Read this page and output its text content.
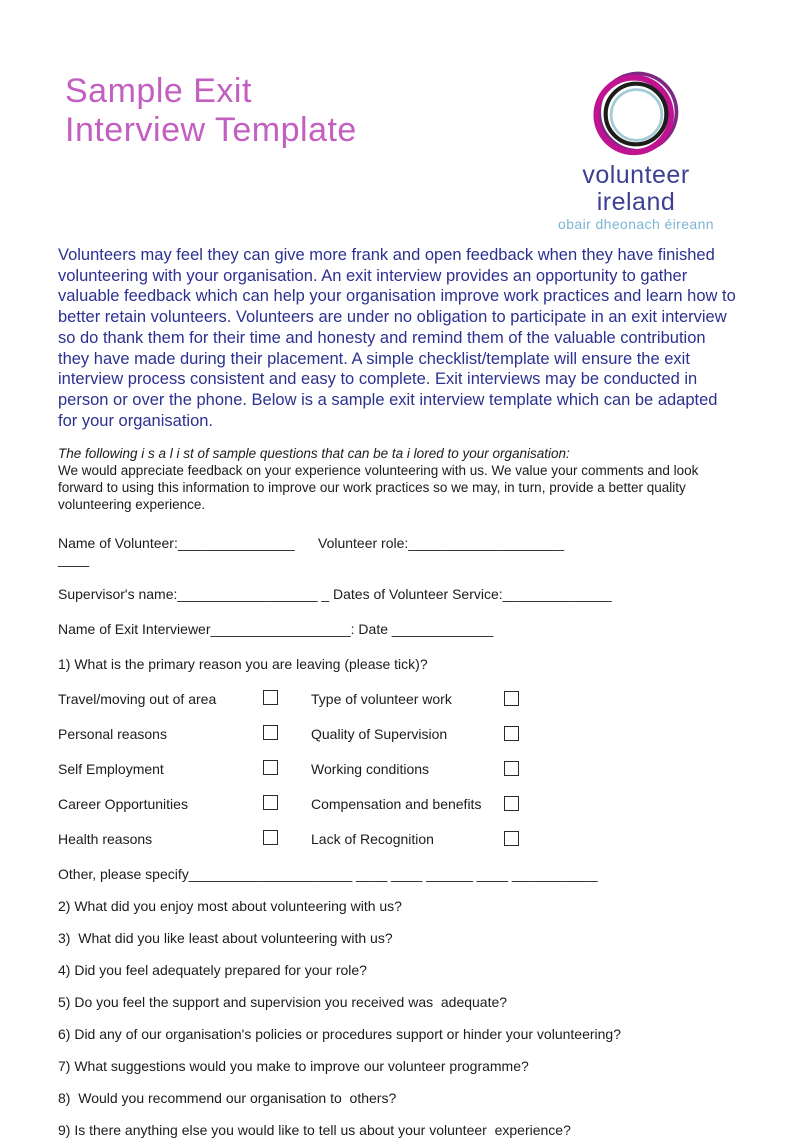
Sample Exit
Interview Template
volunteer ireland
obair dheonach éireann
Volunteers may feel they can give more frank and open feedback when they have finished volunteering with your organisation. An exit interview provides an opportunity to gather valuable feedback which can help your organisation improve work practices and learn how to better retain volunteers. Volunteers are under no obligation to participate in an exit interview so do thank them for their time and honesty and remind them of the valuable contribution they have made during their placement. A simple checklist/template will ensure the exit interview process consistent and easy to complete. Exit interviews may be conducted in person or over the phone. Below is a sample exit interview template which can be adapted for your organisation.
The following i s a l i st of sample questions that can be ta i lored to your organisation:
We would appreciate feedback on your experience volunteering with us. We value your comments and look forward to using this information to improve our work practices so we may, in turn, provide a better quality volunteering experience.
Name of Volunteer:_______________ ____
Volunteer role:____________________
Supervisor's name:__________________ _ Dates of Volunteer Service:______________
Name of Exit Interviewer__________________: Date _____________
1) What is the primary reason you are leaving (please tick)?
Travel/moving out of area	Type of volunteer work
Personal reasons	Quality of Supervision
Self Employment	Working conditions
Career Opportunities	Compensation and benefits
Health reasons	Lack of Recognition
Other, please specify_____________________ ____ ____ ______ ____ ___________
2) What did you enjoy most about volunteering with us?
3)  What did you like least about volunteering with us?
4) Did you feel adequately prepared for your role?
5) Do you feel the support and supervision you received was  adequate?
6) Did any of our organisation's policies or procedures support or hinder your volunteering?
7) What suggestions would you make to improve our volunteer programme?
8)  Would you recommend our organisation to  others?
9) Is there anything else you would like to tell us about your volunteer  experience?
